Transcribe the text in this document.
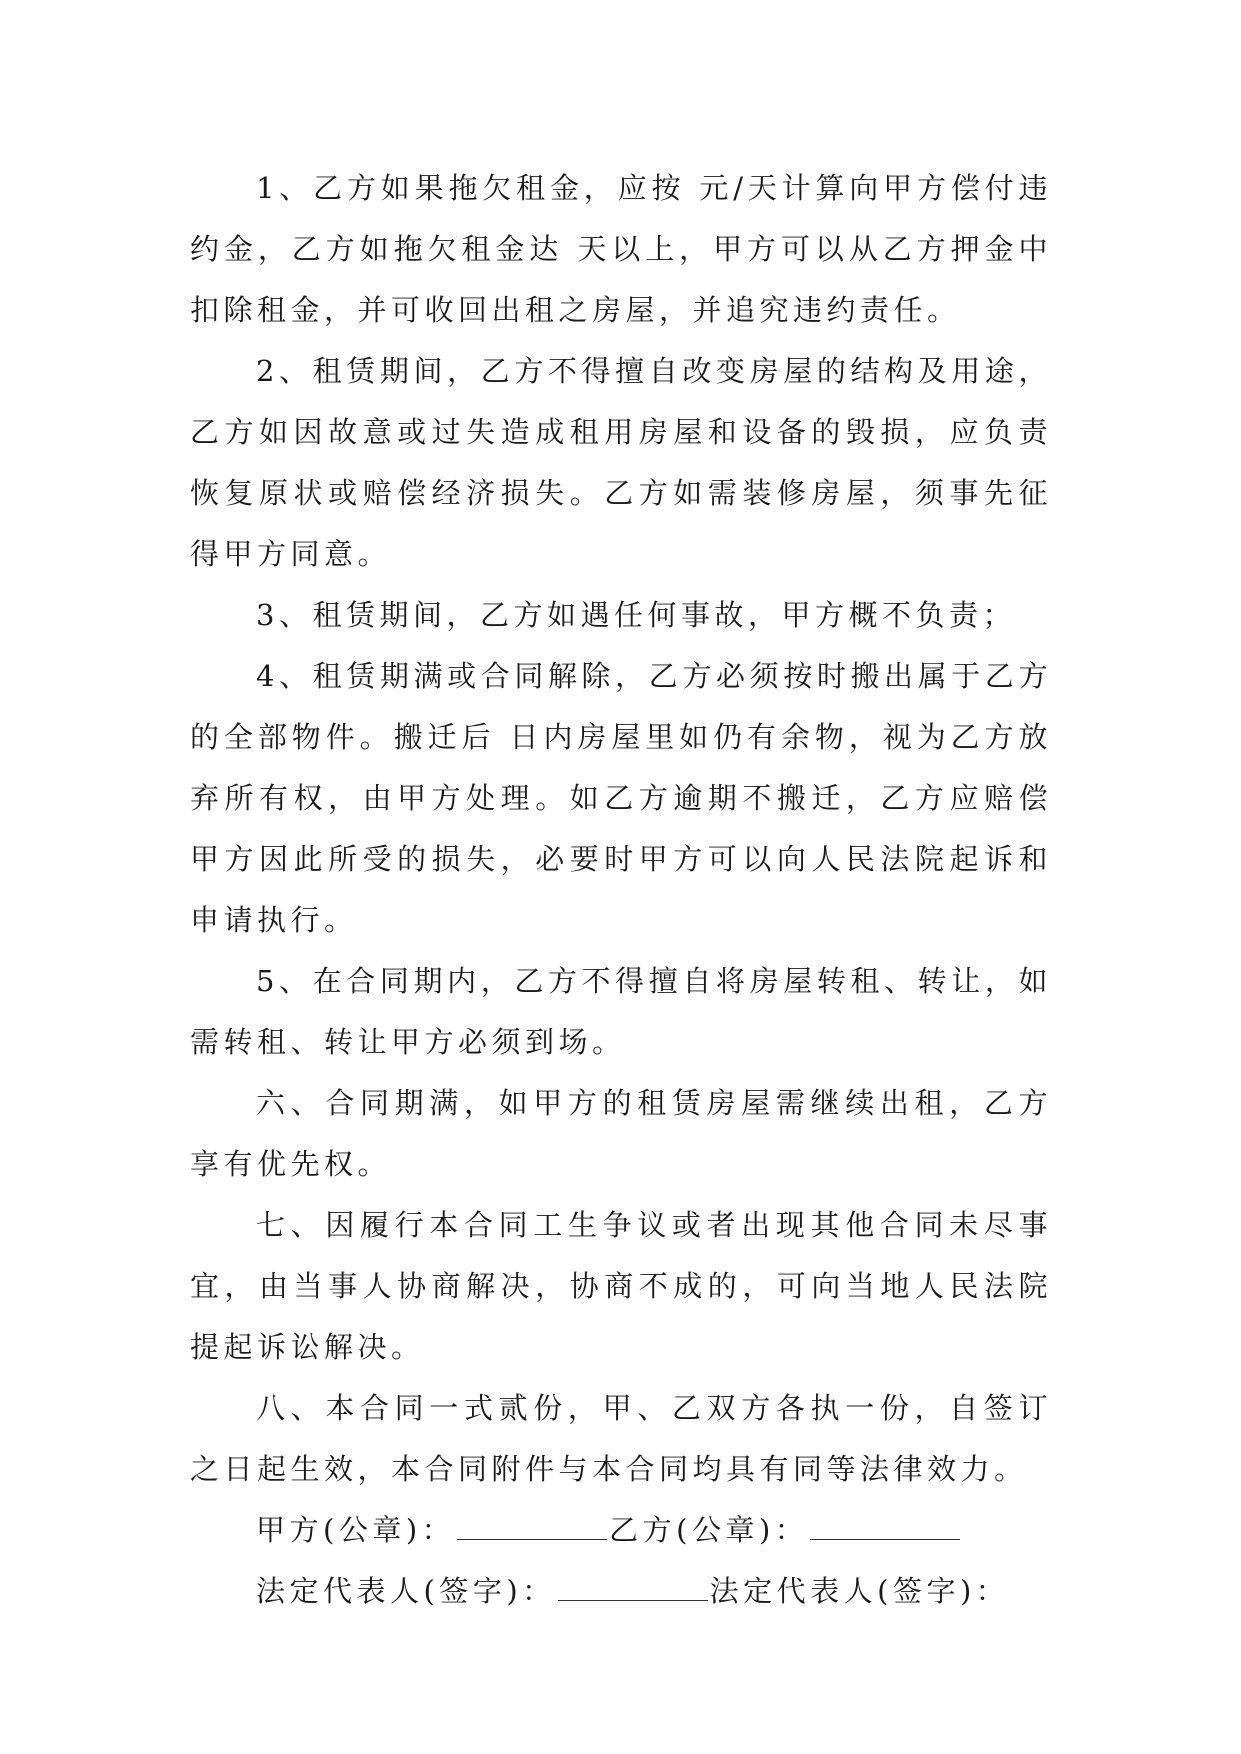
1、乙方如果拖欠租金，应按 元/天计算向甲方偿付违约金，乙方如拖欠租金达 天以上，甲方可以从乙方押金中扣除租金，并可收回出租之房屋，并追究违约责任。

2、租赁期间，乙方不得擅自改变房屋的结构及用途，乙方如因故意或过失造成租用房屋和设备的毁损，应负责恢复原状或赔偿经济损失。乙方如需装修房屋，须事先征得甲方同意。

3、租赁期间，乙方如遇任何事故，甲方概不负责；

4、租赁期满或合同解除，乙方必须按时搬出属于乙方的全部物件。搬迁后 日内房屋里如仍有余物，视为乙方放弃所有权，由甲方处理。如乙方逾期不搬迁，乙方应赔偿甲方因此所受的损失，必要时甲方可以向人民法院起诉和申请执行。

5、在合同期内，乙方不得擅自将房屋转租、转让，如需转租、转让甲方必须到场。

六、合同期满，如甲方的租赁房屋需继续出租，乙方享有优先权。

七、因履行本合同工生争议或者出现其他合同未尽事宜，由当事人协商解决，协商不成的，可向当地人民法院提起诉讼解决。

八、本合同一式贰份，甲、乙双方各执一份，自签订之日起生效，本合同附件与本合同均具有同等法律效力。

甲方(公章)：	乙方(公章)：
法定代表人(签字)：	法定代表人(签字)：
